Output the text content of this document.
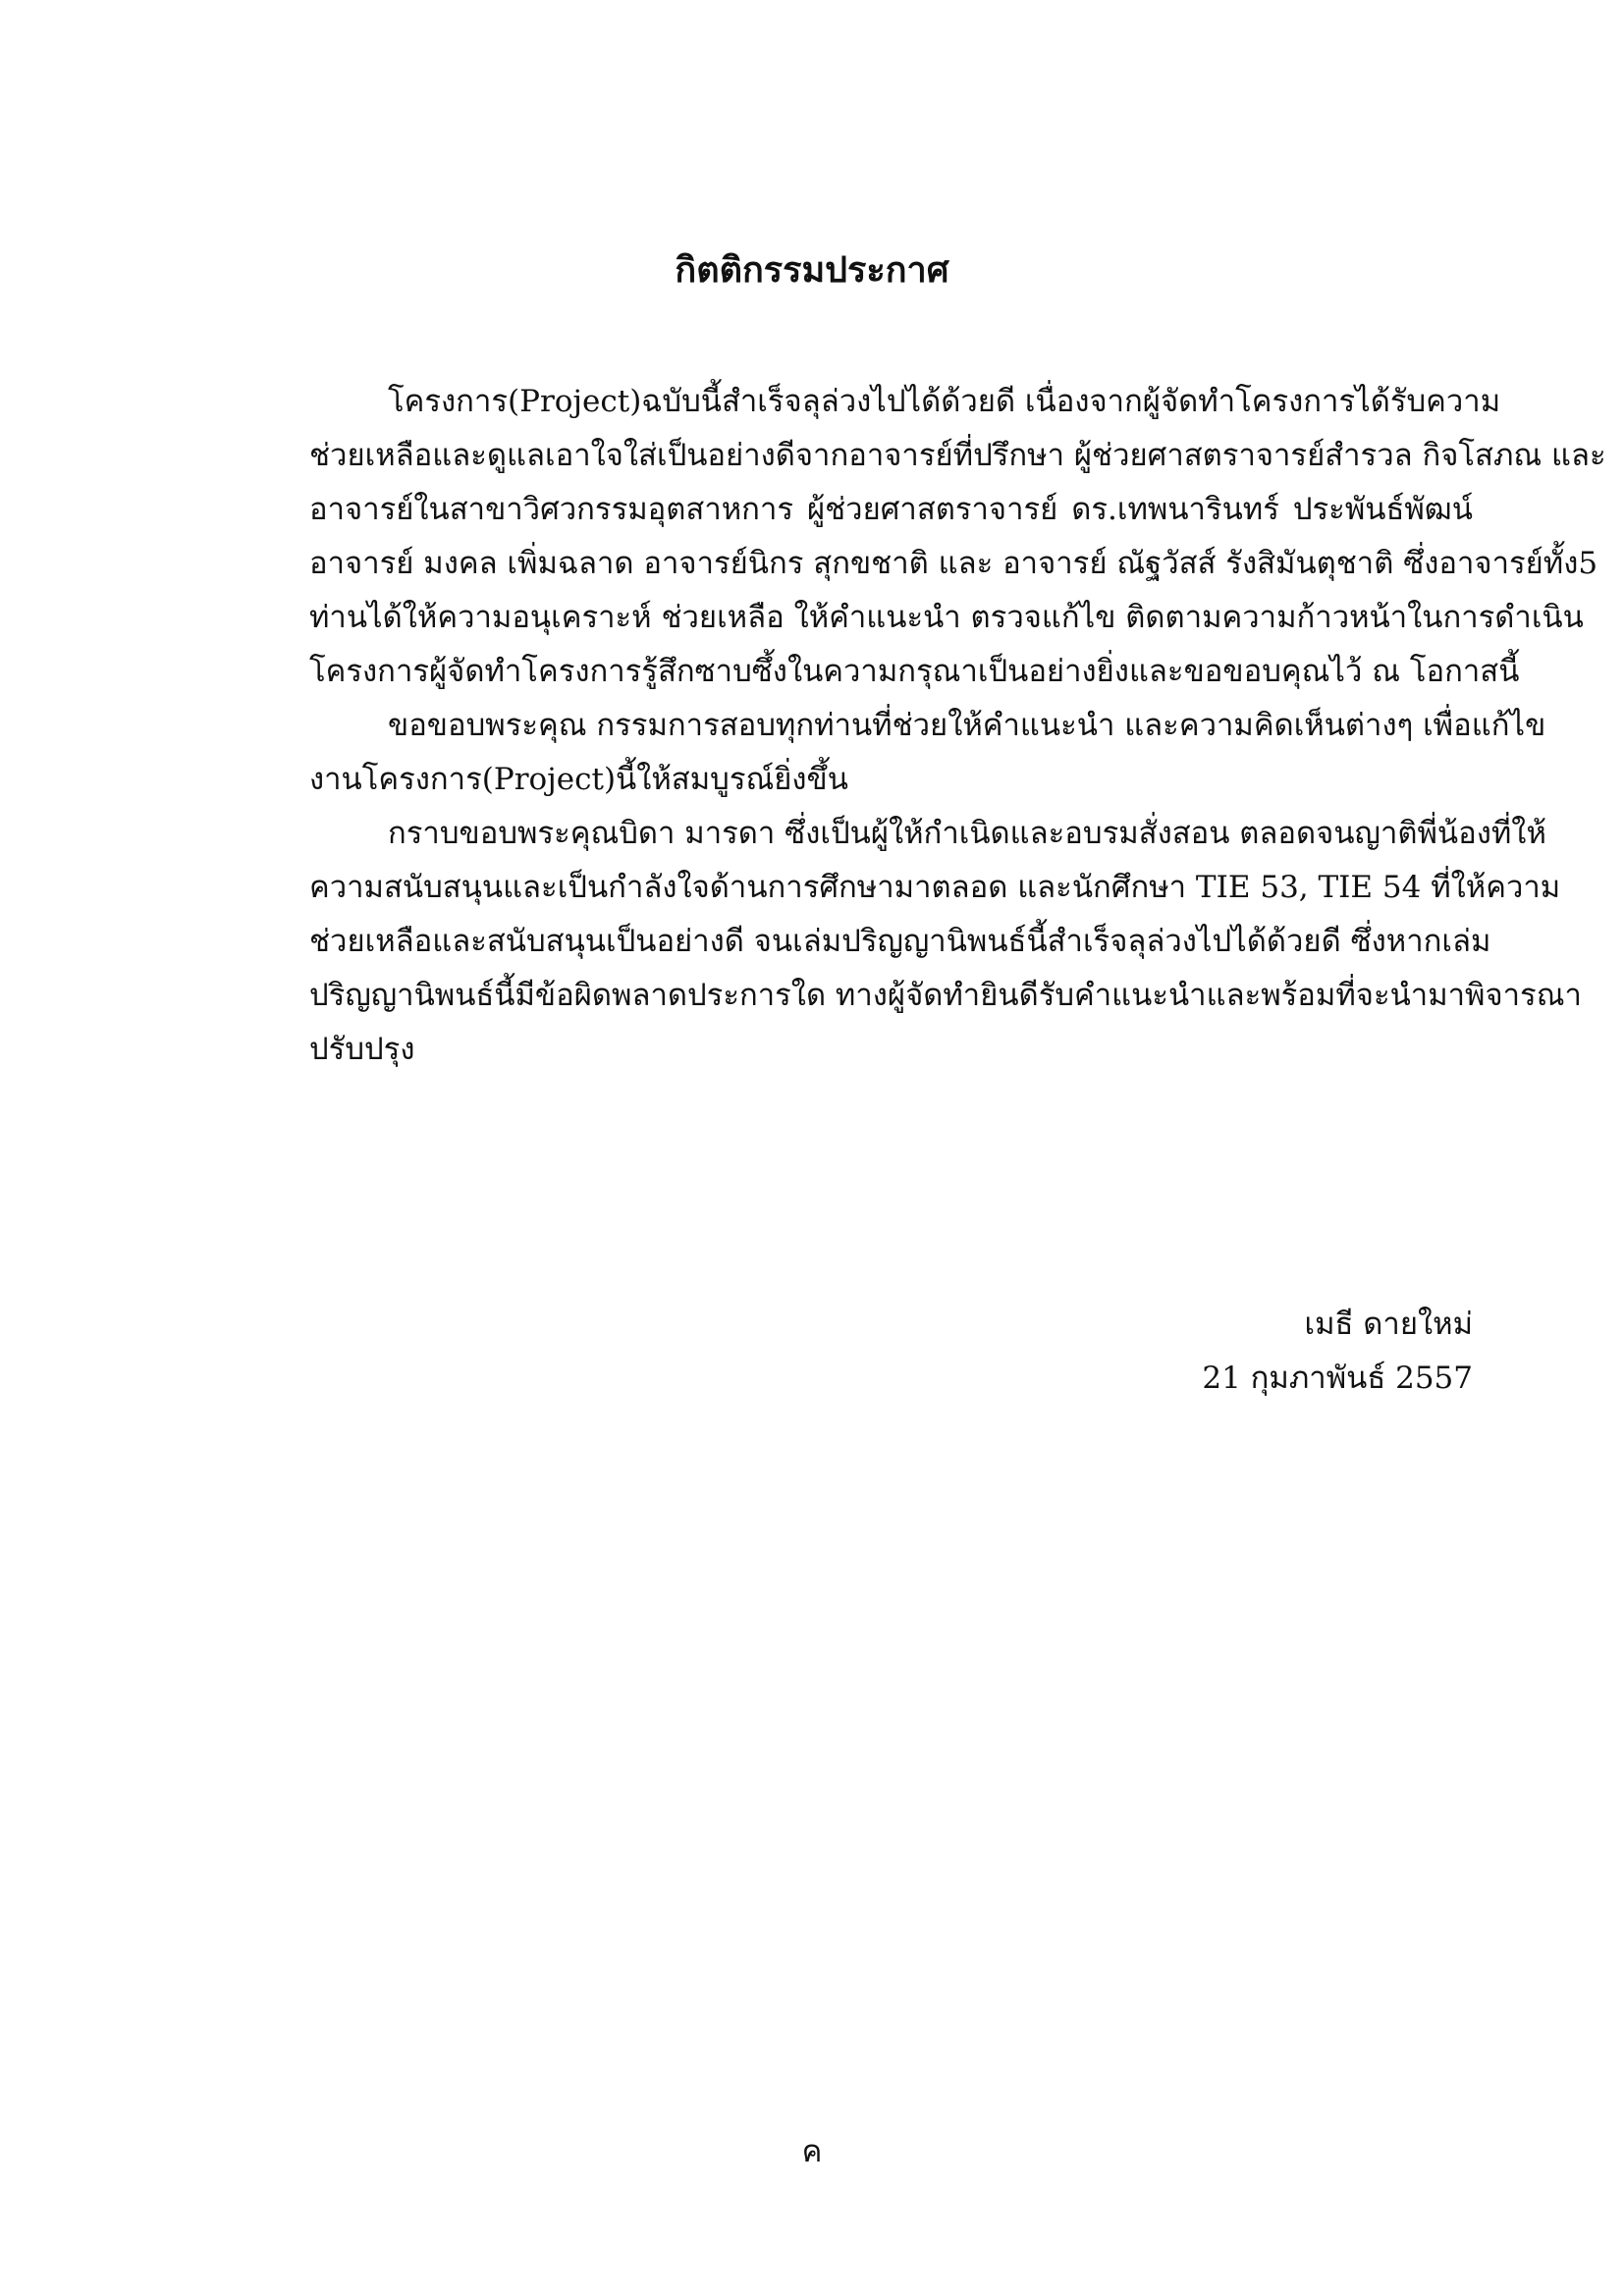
กิตติกรรมประกาศ
โครงการ(Project)ฉบับนี้สำเร็จลุล่วงไปได้ด้วยดี เนื่องจากผู้จัดทำโครงการได้รับความ
ช่วยเหลือและดูแลเอาใจใส่เป็นอย่างดีจากอาจารย์ที่ปรึกษา ผู้ช่วยศาสตราจารย์สำรวล กิจโสภณ และ
อาจารย์ในสาขาวิศวกรรมอุตสาหการ ผู้ช่วยศาสตราจารย์ ดร.เทพนารินทร์ ประพันธ์พัฒน์
อาจารย์ มงคล เพิ่มฉลาด อาจารย์นิกร สุกขชาติ และ อาจารย์ ณัฐวัสส์ รังสิมันตุชาติ ซึ่งอาจารย์ทั้ง5
ท่านได้ให้ความอนุเคราะห์ ช่วยเหลือ ให้คำแนะนำ ตรวจแก้ไข ติดตามความก้าวหน้าในการดำเนิน
โครงการผู้จัดทำโครงการรู้สึกซาบซึ้งในความกรุณาเป็นอย่างยิ่งและขอขอบคุณไว้ ณ โอกาสนี้
ขอขอบพระคุณ กรรมการสอบทุกท่านที่ช่วยให้คำแนะนำ และความคิดเห็นต่างๆ เพื่อแก้ไข
งานโครงการ(Project)นี้ให้สมบูรณ์ยิ่งขึ้น
กราบขอบพระคุณบิดา มารดา ซึ่งเป็นผู้ให้กำเนิดและอบรมสั่งสอน ตลอดจนญาติพี่น้องที่ให้
ความสนับสนุนและเป็นกำลังใจด้านการศึกษามาตลอด และนักศึกษา TIE 53, TIE 54 ที่ให้ความ
ช่วยเหลือและสนับสนุนเป็นอย่างดี จนเล่มปริญญานิพนธ์นี้สำเร็จลุล่วงไปได้ด้วยดี ซึ่งหากเล่ม
ปริญญานิพนธ์นี้มีข้อผิดพลาดประการใด ทางผู้จัดทำยินดีรับคำแนะนำและพร้อมที่จะนำมาพิจารณา
ปรับปรุง
เมธี ดายใหม่
21 กุมภาพันธ์ 2557
ค
